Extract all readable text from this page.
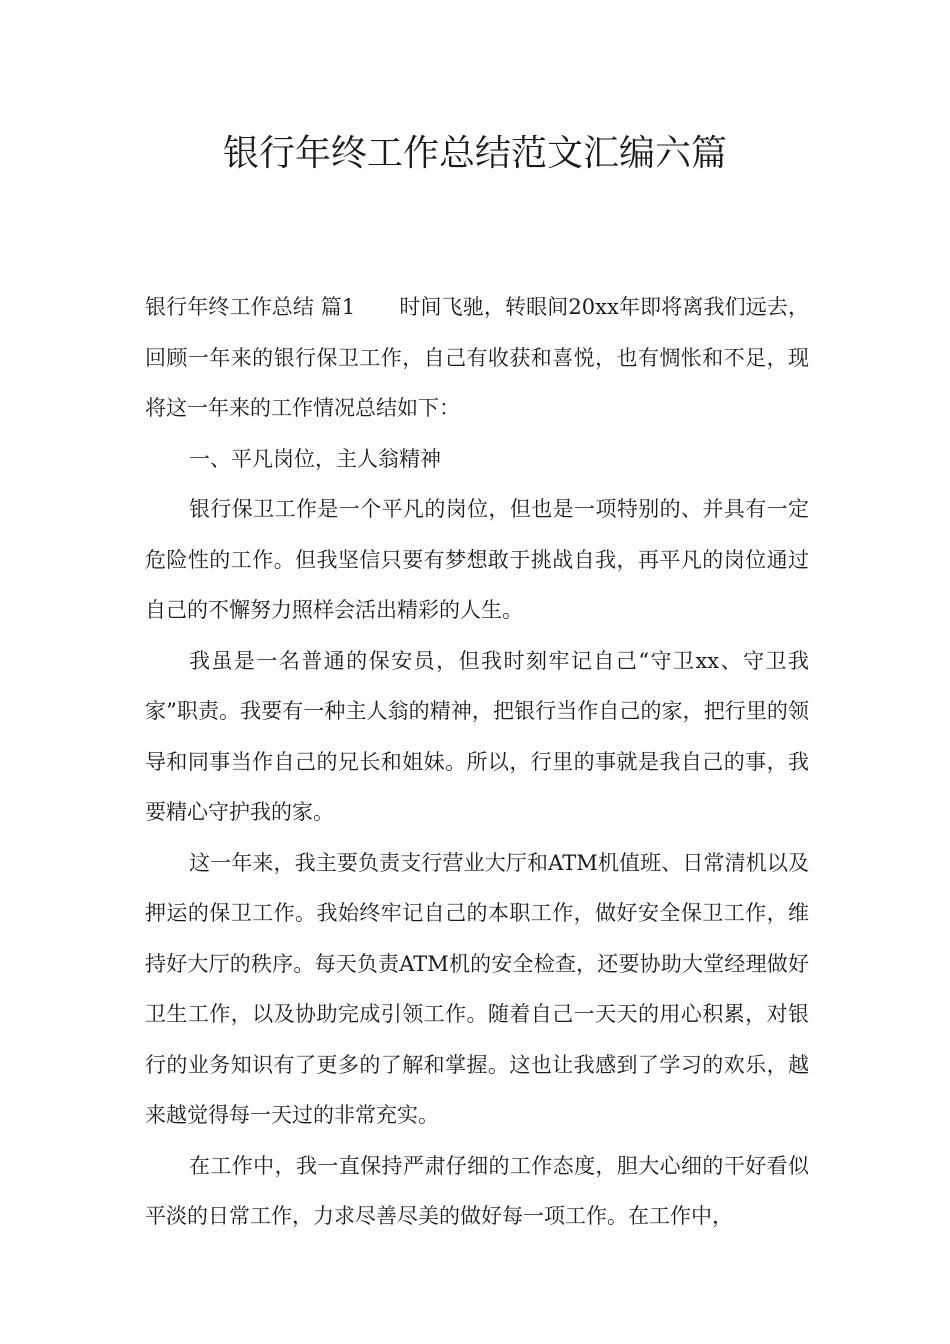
银行年终工作总结范文汇编六篇

银行年终工作总结 篇1 时间飞驰，转眼间20xx年即将离我们远去，回顾一年来的银行保卫工作，自己有收获和喜悦，也有惆怅和不足，现将这一年来的工作情况总结如下：

一、平凡岗位，主人翁精神

银行保卫工作是一个平凡的岗位，但也是一项特别的、并具有一定危险性的工作。但我坚信只要有梦想敢于挑战自我，再平凡的岗位通过自己的不懈努力照样会活出精彩的人生。

我虽是一名普通的保安员，但我时刻牢记自己“守卫xx、守卫我家”职责。我要有一种主人翁的精神，把银行当作自己的家，把行里的领导和同事当作自己的兄长和姐妹。所以，行里的事就是我自己的事，我要精心守护我的家。

这一年来，我主要负责支行营业大厅和ATM机值班、日常清机以及押运的保卫工作。我始终牢记自己的本职工作，做好安全保卫工作，维持好大厅的秩序。每天负责ATM机的安全检查，还要协助大堂经理做好卫生工作，以及协助完成引领工作。随着自己一天天的用心积累，对银行的业务知识有了更多的了解和掌握。这也让我感到了学习的欢乐，越来越觉得每一天过的非常充实。

在工作中，我一直保持严肃仔细的工作态度，胆大心细的干好看似平淡的日常工作，力求尽善尽美的做好每一项工作。在工作中，
